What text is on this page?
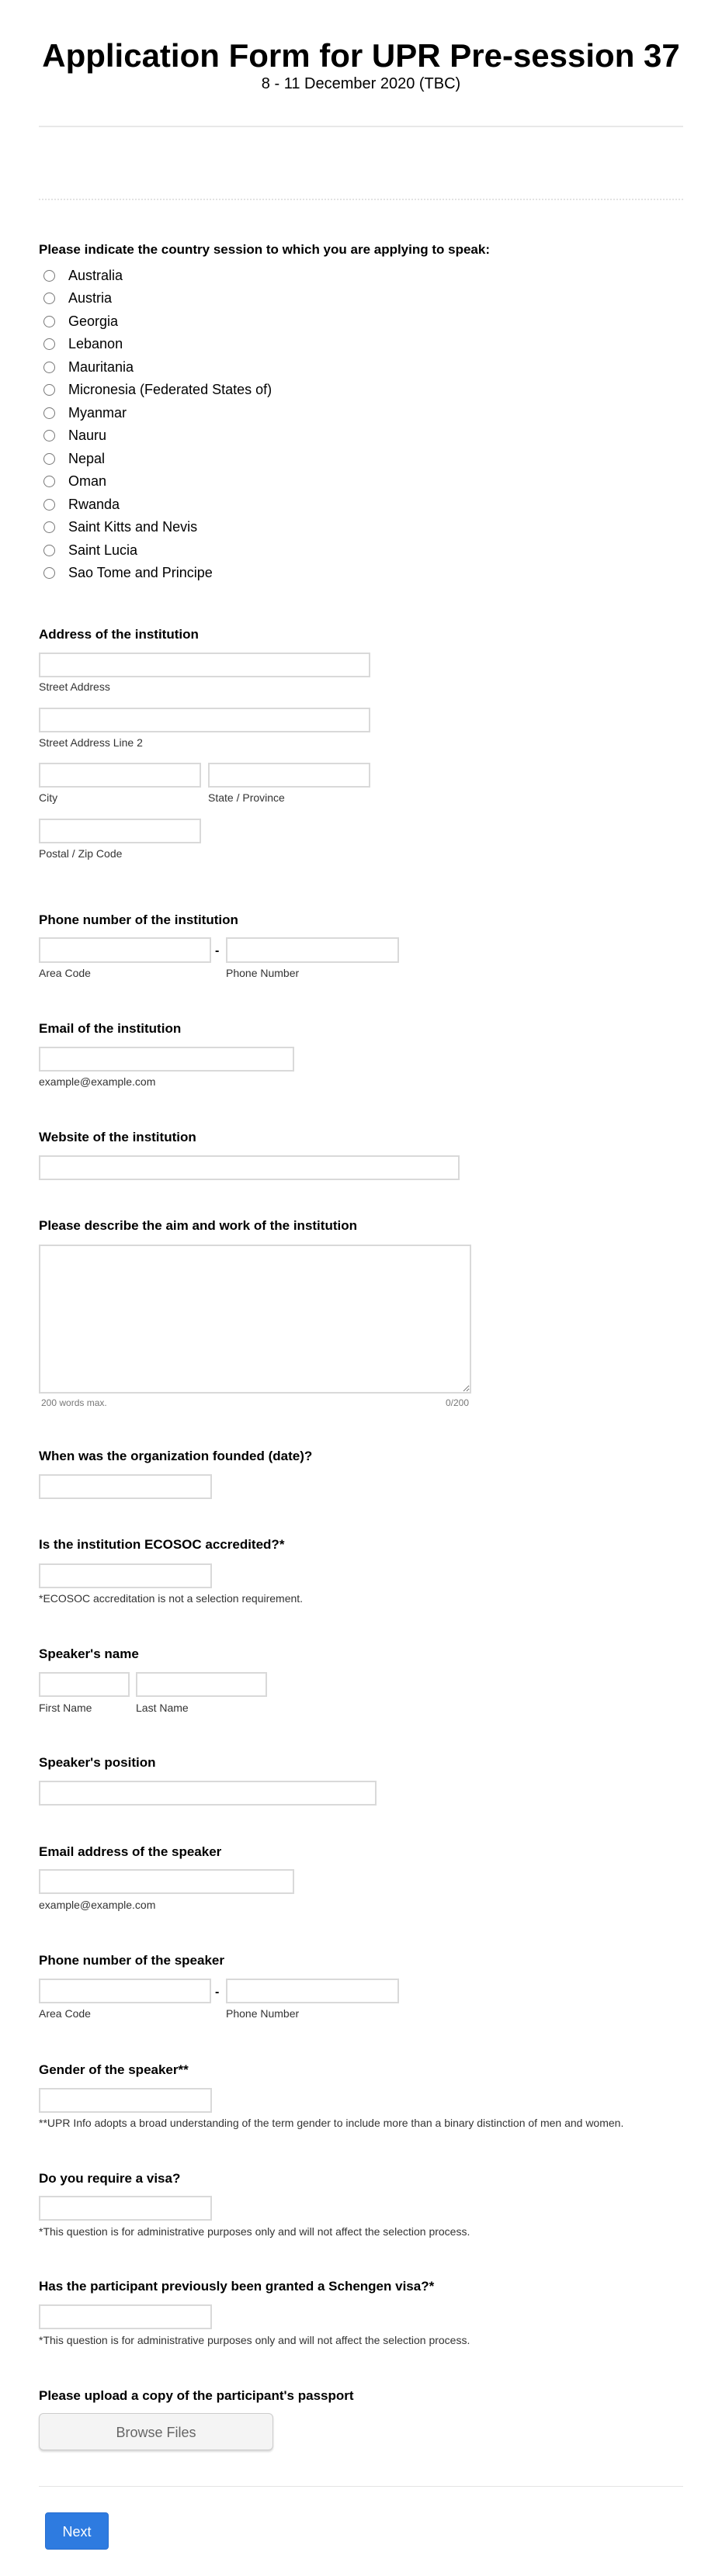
Application Form for UPR Pre-session 37

8 - 11 December 2020 (TBC)

Please indicate the country session to which you are applying to speak:
Australia
Austria
Georgia
Lebanon
Mauritania
Micronesia (Federated States of)
Myanmar
Nauru
Nepal
Oman
Rwanda
Saint Kitts and Nevis
Saint Lucia
Sao Tome and Principe
Address of the institution
Street Address
Street Address Line 2
City	State / Province
Postal / Zip Code
Phone number of the institution
-
Area Code	Phone Number
Email of the institution
example@example.com
Website of the institution
Please describe the aim and work of the institution
200 words max.	0/200
When was the organization founded (date)?
Is the institution ECOSOC accredited?*
*ECOSOC accreditation is not a selection requirement.
Speaker's name
First Name	Last Name
Speaker's position
Email address of the speaker
example@example.com
Phone number of the speaker
-
Area Code	Phone Number
Gender of the speaker**
**UPR Info adopts a broad understanding of the term gender to include more than a binary distinction of men and women.
Do you require a visa?
*This question is for administrative purposes only and will not affect the selection process.
Has the participant previously been granted a Schengen visa?*
*This question is for administrative purposes only and will not affect the selection process.
Please upload a copy of the participant's passport
Browse Files
Next
